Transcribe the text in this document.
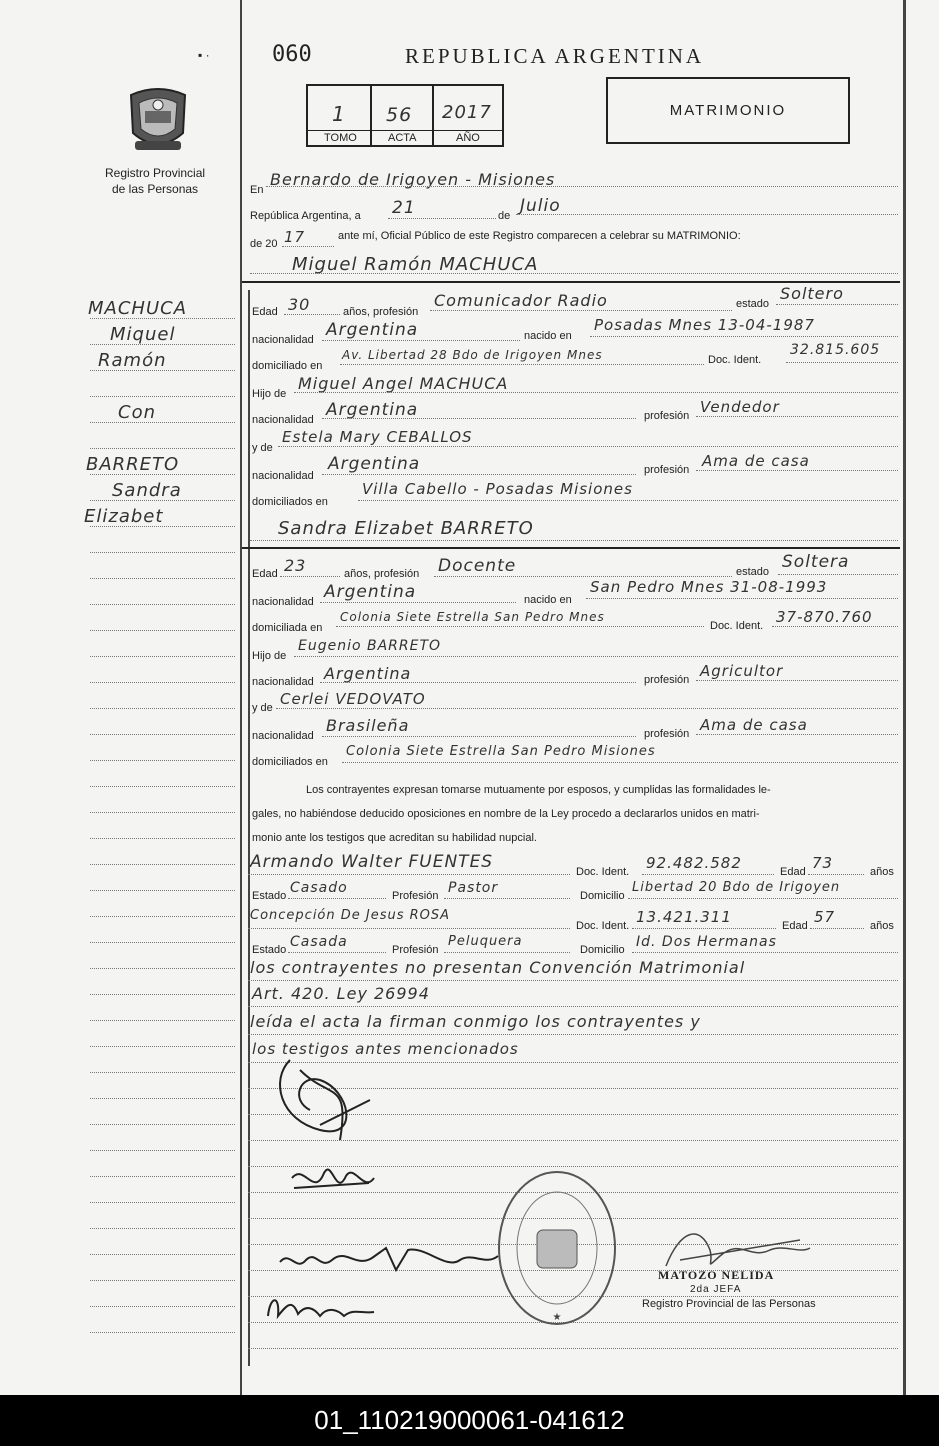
▪ ·	060	REPUBLICA ARGENTINA
MATRIMONIO
1 56 2017
TOMO	ACTA	AÑO
Registro Provincial
de las Personas	En
Bernardo de Irigoyen - Misiones
República Argentina, a 21	de Julio
de 20 17	ante mí, Oficial Público de este Registro comparecen a celebrar su MATRIMONIO:
Miguel Ramón MACHUCA
MACHUCA
Miquel
Ramón
Con
BARRETO
Sandra
Elizabet
Edad 30	años, profesión
Comunicador Radio	estado
Soltero
nacionalidad Argentina	nacido en
Posadas Mnes 13-04-1987
domiciliado en
Av. Libertad 28 Bdo de Irigoyen Mnes	Doc. Ident.
32.815.605
Hijo de
Miguel Angel MACHUCA
nacionalidad Argentina	profesión Vendedor
y de
Estela Mary CEBALLOS
nacionalidad
Argentina	profesión Ama de casa
domiciliados en
Villa Cabello - Posadas Misiones
Sandra Elizabet BARRETO
Edad 23	años, profesión Docente	estado Soltera
nacionalidad Argentina	nacido en
San Pedro Mnes 31-08-1993
domiciliada en
Colonia Siete Estrella San Pedro Mnes
Doc. Ident. 37-870.760
Hijo de
Eugenio BARRETO
nacionalidad Argentina	profesión Agricultor
y de Cerlei VEDOVATO
nacionalidad
Brasileña	profesión Ama de casa
domiciliados en
Colonia Siete Estrella San Pedro Misiones
Los contrayentes expresan tomarse mutuamente por esposos, y cumplidas las formalidades le-
gales, no habiéndose deducido oposiciones en nombre de la Ley procedo a declararlos unidos en matri-
monio ante los testigos que acreditan su habilidad nupcial.
Armando Walter FUENTES	Doc. Ident. 92.482.582	Edad 73	años
Estado Casado	Profesión Pastor	Domicilio
Libertad 20 Bdo de Irigoyen
Concepción De Jesus ROSA
Doc. Ident. 13.421.311	Edad 57	años
Estado Casada	Profesión
Peluquera
Domicilio Id. Dos Hermanas
los contrayentes no presentan Convención Matrimonial
Art. 420. Ley 26994
leída el acta la firman conmigo los contrayentes y
los testigos antes mencionados
★
MATOZO NELIDA
2da JEFA
Registro Provincial de las Personas
01_110219000061-041612
